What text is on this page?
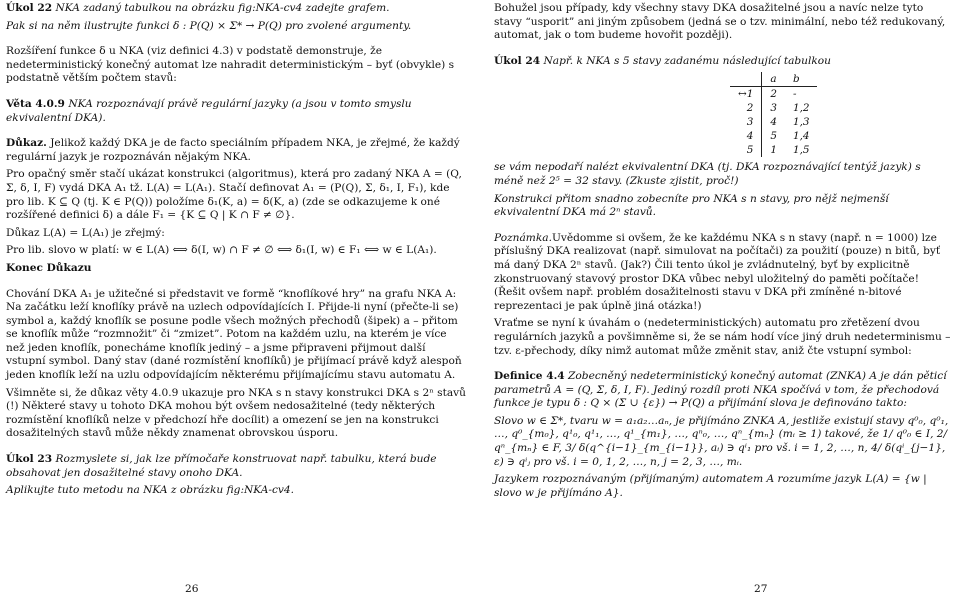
Úkol 22 NKA zadaný tabulkou na obrázku fig:NKA-cv4 zadejte grafem.

Pak si na něm ilustrujte funkci δ : P(Q) × Σ* → P(Q) pro zvolené argumenty.

Rozšíření funkce δ u NKA (viz definici 4.3) v podstatě demonstruje, že nedeterministický konečný automat lze nahradit deterministickým – byť (obvykle) s podstatně větším počtem stavů:

Věta 4.0.9 NKA rozpoznávají právě regulární jazyky (a jsou v tomto smyslu ekvivalentní DKA).

Důkaz. Jelikož každý DKA je de facto speciálním případem NKA, je zřejmé, že každý regulární jazyk je rozpoznáván nějakým NKA.

Pro opačný směr stačí ukázat konstrukci (algoritmus), která pro zadaný NKA A = (Q, Σ, δ, I, F) vydá DKA A₁ tž. L(A) = L(A₁). Stačí definovat A₁ = (P(Q), Σ, δ₁, I, F₁), kde pro lib. K ⊆ Q (tj. K ∈ P(Q)) položíme δ₁(K, a) = δ(K, a) (zde se odkazujeme k oné rozšířené definici δ) a dále F₁ = {K ⊆ Q | K ∩ F ≠ ∅}.

Důkaz L(A) = L(A₁) je zřejmý:

Pro lib. slovo w platí: w ∈ L(A) ⟺ δ(I, w) ∩ F ≠ ∅ ⟺ δ₁(I, w) ∈ F₁ ⟺ w ∈ L(A₁).

Konec Důkazu

Chování DKA A₁ je užitečné si představit ve formě “knoflíkové hry” na grafu NKA A: Na začátku leží knoflíky právě na uzlech odpovídajících I. Přijde-li nyní (přečte-li se) symbol a, každý knoflík se posune podle všech možných přechodů (šipek) a – přitom se knoflík může “rozmnožit” či “zmizet”. Potom na každém uzlu, na kterém je více než jeden knoflík, ponecháme knoflík jediný – a jsme připraveni přijmout další vstupní symbol. Daný stav (dané rozmístění knoflíků) je přijímací právě když alespoň jeden knoflík leží na uzlu odpovídajícím některému přijímajícímu stavu automatu A.

Všimněte si, že důkaz věty 4.0.9 ukazuje pro NKA s n stavy konstrukci DKA s 2ⁿ stavů (!) Některé stavy u tohoto DKA mohou být ovšem nedosažitelné (tedy některých rozmístění knoflíků nelze v předchozí hře docílit) a omezení se jen na konstrukci dosažitelných stavů může někdy znamenat obrovskou úsporu.

Úkol 23 Rozmyslete si, jak lze přímočaře konstruovat např. tabulku, která bude obsahovat jen dosažitelné stavy onoho DKA.

Aplikujte tuto metodu na NKA z obrázku fig:NKA-cv4.

26

Bohužel jsou případy, kdy všechny stavy DKA dosažitelné jsou a navíc nelze tyto stavy “usporit” ani jiným způsobem (jedná se o tzv. minimální, nebo též redukovaný, automat, jak o tom budeme hovořit později).

Úkol 24 Např. k NKA s 5 stavy zadanému následující tabulkou

	a	b
↔1	2	-
2	3	1,2
3	4	1,3
4	5	1,4
5	1	1,5

se vám nepodaří nalézt ekvivalentní DKA (tj. DKA rozpoznávající tentýž jazyk) s méně než 2⁵ = 32 stavy. (Zkuste zjistit, proč!)

Konstrukci přitom snadno zobecníte pro NKA s n stavy, pro nějž nejmenší ekvivalentní DKA má 2ⁿ stavů.

Poznámka.Uvědomme si ovšem, že ke každému NKA s n stavy (např. n = 1000) lze příslušný DKA realizovat (např. simulovat na počítači) za použití (pouze) n bitů, byť má daný DKA 2ⁿ stavů. (Jak?) Čili tento úkol je zvládnutelný, byť by explicitně zkonstruovaný stavový prostor DKA vůbec nebyl uložitelný do paměti počítače! (Řešit ovšem např. problém dosažitelnosti stavu v DKA při zmíněné n-bitové reprezentaci je pak úplně jiná otázka!)

Vraťme se nyní k úvahám o (nedeterministických) automatu pro zřetězení dvou regulárních jazyků a povšimněme si, že se nám hodí více jiný druh nedeterminismu – tzv. ε-přechody, díky nimž automat může změnit stav, aniž čte vstupní symbol:

Definice 4.4 Zobecněný nedeterministický konečný automat (ZNKA) A je dán pěticí parametrů A = (Q, Σ, δ, I, F). Jediný rozdíl proti NKA spočívá v tom, že přechodová funkce je typu δ : Q × (Σ ∪ {ε}) → P(Q) a přijímání slova je definováno takto:

Slovo w ∈ Σ*, tvaru w = a₁a₂…aₙ, je přijímáno ZNKA A, jestliže existují stavy q⁰₀, q⁰₁, …, q⁰_{m₀}, q¹₀, q¹₁, …, q¹_{m₁}, …, qⁿ₀, …, qⁿ_{mₙ} (mᵢ ≥ 1) takové, že 1/ q⁰₀ ∈ I, 2/ qⁿ_{mₙ} ∈ F, 3/ δ(q^{i−1}_{m_{i−1}}, aᵢ) ∋ qⁱ₁ pro vš. i = 1, 2, …, n, 4/ δ(qⁱ_{j−1}, ε) ∋ qⁱⱼ pro vš. i = 0, 1, 2, …, n, j = 2, 3, …, mᵢ.

Jazykem rozpoznávaným (přijímaným) automatem A rozumíme jazyk L(A) = {w | slovo w je přijímáno A}.

27
